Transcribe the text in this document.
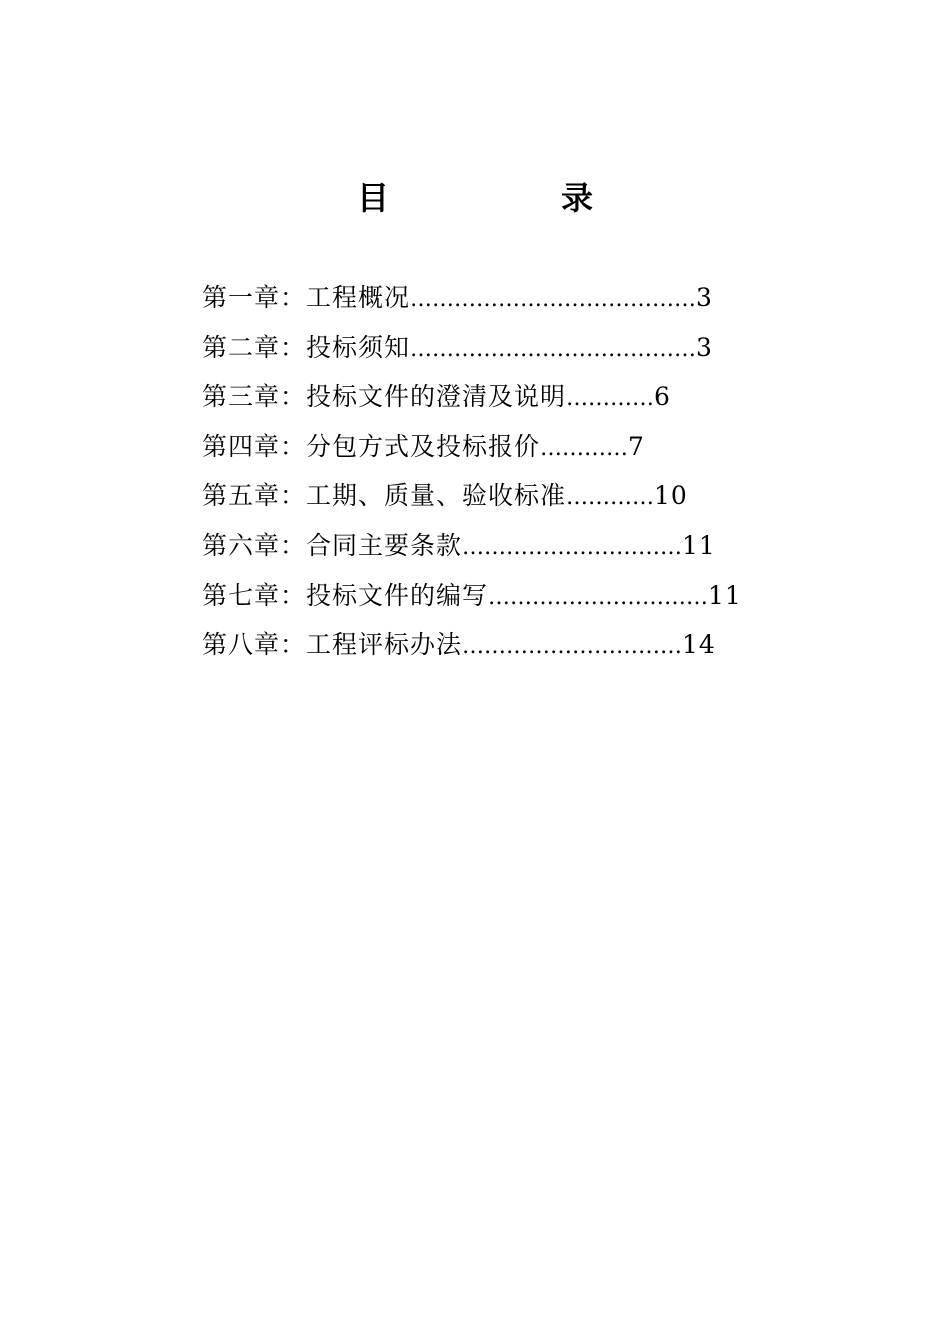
目　录
第一章：工程概况…………………………………3
第二章：投标须知…………………………………3
第三章：投标文件的澄清及说明…………6
第四章：分包方式及投标报价…………7
第五章：工期、质量、验收标准…………10
第六章：合同主要条款…………………………11
第七章：投标文件的编写…………………………11
第八章：工程评标办法…………………………14
